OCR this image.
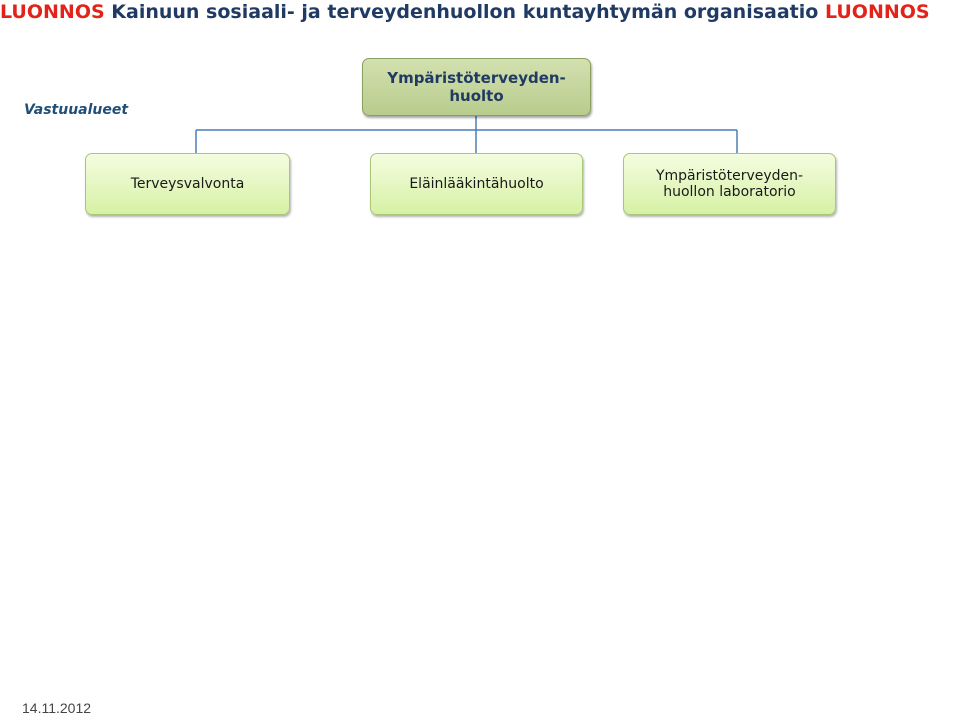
LUONNOS Kainuun sosiaali- ja terveydenhuollon kuntayhtymän organisaatio LUONNOS
Vastuualueet
Ympäristöterveyden-huolto
Terveysvalvonta	Eläinlääkintähuolto	Ympäristöterveyden-huollon laboratorio
14.11.2012
